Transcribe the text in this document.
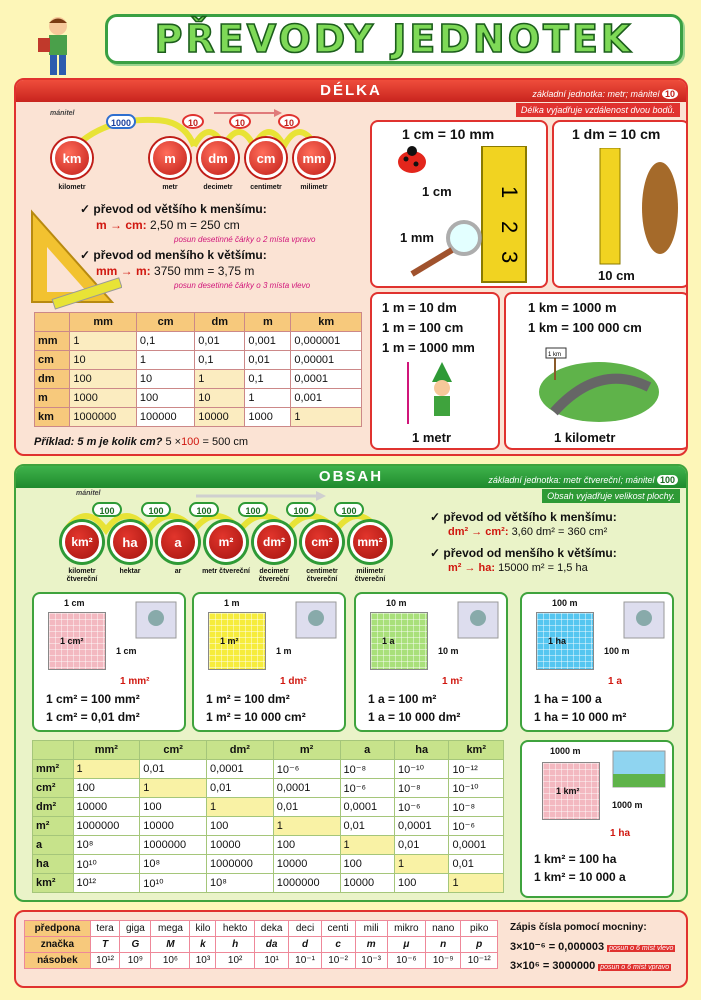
PŘEVODY JEDNOTEK
DÉLKA	základní jednotka: metr; mánitel 10
Délka vyjadřuje vzdálenost dvou bodů.
mánitel
1000	10	10	10
km	m	dm	cm	mm
kilometr	metr	decimetr	centimetr	milimetr
✓ převod od většího k menšímu:
m → cm: 2,50 m = 250 cm
posun desetinné čárky o 2 místa vpravo
✓ převod od menšího k většímu:
mm → m: 3750 mm = 3,75 m
posun desetinné čárky o 3 místa vlevo
	mm	cm	dm	m	km
mm	1	0,1	0,01	0,001	0,000001
cm	10	1	0,1	0,01	0,00001
dm	100	10	1	0,1	0,0001
m	1000	100	10	1	0,001
km	1000000	100000	10000	1000	1
Příklad: 5 m je kolik cm? 5 ×100 = 500 cm
1 cm = 10 mm
1
2
3
1 cm
1 mm
1 dm = 10 cm
10 cm
1 m = 10 dm
1 m = 100 cm
1 m = 1000 mm
1 metr
1 km = 1000 m
1 km = 100 000 cm
1 km
1 kilometr
OBSAH	základní jednotka: metr čtvereční; mánitel 100
Obsah vyjadřuje velikost plochy.
mánitel
100	100	100	100	100	100
km²	ha	a	m²	dm²	cm²	mm²
kilometr čtvereční
hektar	ar	metr čtvereční	decimetr čtvereční
centimetr čtvereční
milimetr čtvereční
✓ převod od většího k menšímu:
dm² → cm²: 3,60 dm² = 360 cm²
✓ převod od menšího k většímu:
m² → ha: 15000 m² = 1,5 ha
1 cm
1 cm²
1 cm
1 mm²
1 cm² = 100 mm²
1 cm² = 0,01 dm²
1 m
1 m²
1 m
1 dm²
1 m² = 100 dm²
1 m² = 10 000 cm²
10 m
1 a
10 m
1 m²
1 a = 100 m²
1 a = 10 000 dm²
100 m
1 ha
100 m
1 a
1 ha = 100 a
1 ha = 10 000 m²
	mm²	cm²	dm²	m²	a	ha	km²
mm²	1	0,01	0,0001	10⁻⁶	10⁻⁸	10⁻¹⁰	10⁻¹²
cm²	100	1	0,01	0,0001	10⁻⁶	10⁻⁸	10⁻¹⁰
dm²	10000	100	1	0,01	0,0001	10⁻⁶	10⁻⁸
m²	1000000	10000	100	1	0,01	0,0001	10⁻⁶
a	10⁸	1000000	10000	100	1	0,01	0,0001
ha	10¹⁰	10⁸	1000000	10000	100	1	0,01
km²	10¹²	10¹⁰	10⁸	1000000	10000	100	1
1000 m
1 km²
1000 m
1 ha
1 km² = 100 ha
1 km² = 10 000 a
předpona	tera	giga	mega	kilo	hekto	deka	deci	centi	mili	mikro	nano	piko
značka	T	G	M	k	h	da	d	c	m	μ	n	p
násobek	10¹²	10⁹	10⁶	10³	10²	10¹	10⁻¹	10⁻²	10⁻³	10⁻⁶	10⁻⁹	10⁻¹²
Zápis čísla pomocí mocniny:
3×10⁻⁶ = 0,000003 posun o 6 míst vlevo
3×10⁶ = 3000000 posun o 6 míst vpravo
